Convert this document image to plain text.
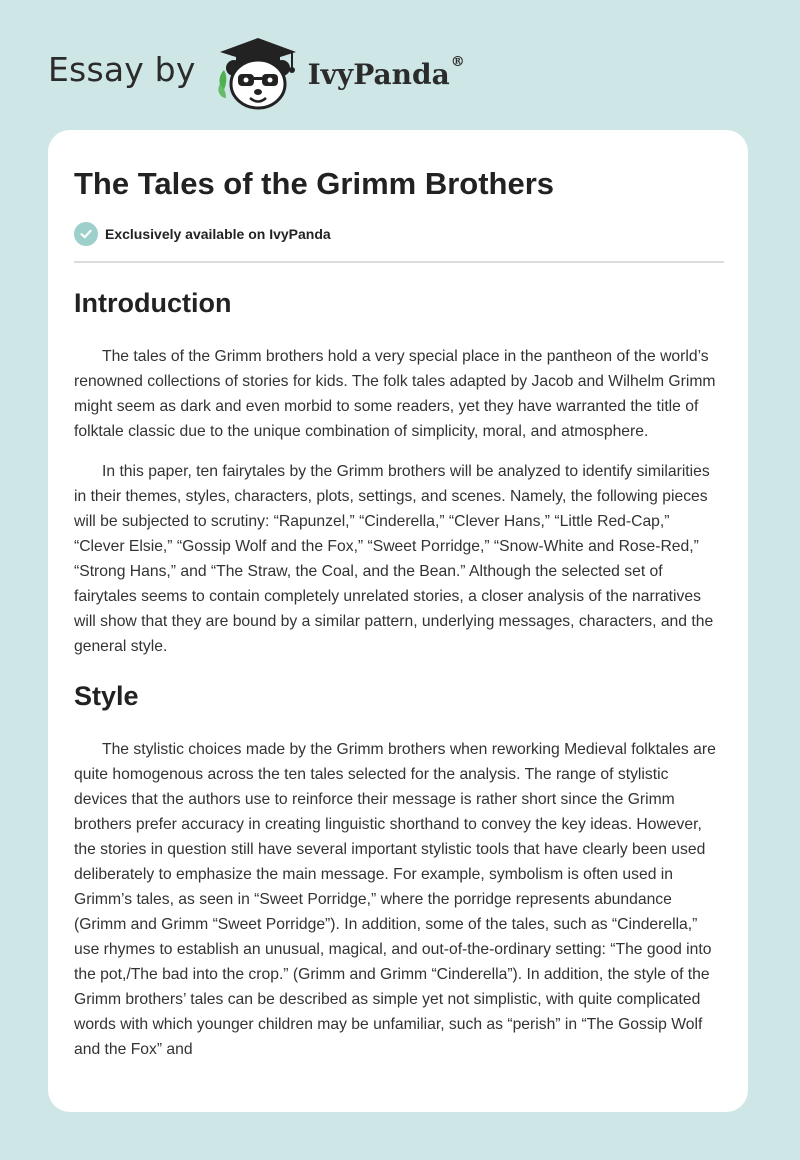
Essay by	IvyPanda®
The Tales of the Grimm Brothers
Exclusively available on IvyPanda
Introduction

The tales of the Grimm brothers hold a very special place in the pantheon of the world’s renowned collections of stories for kids. The folk tales adapted by Jacob and Wilhelm Grimm might seem as dark and even morbid to some readers, yet they have warranted the title of folktale classic due to the unique combination of simplicity, moral, and atmosphere.

In this paper, ten fairytales by the Grimm brothers will be analyzed to identify similarities in their themes, styles, characters, plots, settings, and scenes. Namely, the following pieces will be subjected to scrutiny: “Rapunzel,” “Cinderella,” “Clever Hans,” “Little Red-Cap,” “Clever Elsie,” “Gossip Wolf and the Fox,” “Sweet Porridge,” “Snow-White and Rose-Red,” “Strong Hans,” and “The Straw, the Coal, and the Bean.” Although the selected set of fairytales seems to contain completely unrelated stories, a closer analysis of the narratives will show that they are bound by a similar pattern, underlying messages, characters, and the general style.

Style

The stylistic choices made by the Grimm brothers when reworking Medieval folktales are quite homogenous across the ten tales selected for the analysis. The range of stylistic devices that the authors use to reinforce their message is rather short since the Grimm brothers prefer accuracy in creating linguistic shorthand to convey the key ideas. However, the stories in question still have several important stylistic tools that have clearly been used deliberately to emphasize the main message. For example, symbolism is often used in Grimm’s tales, as seen in “Sweet Porridge,” where the porridge represents abundance (Grimm and Grimm “Sweet Porridge”). In addition, some of the tales, such as “Cinderella,” use rhymes to establish an unusual, magical, and out-of-the-ordinary setting: “The good into the pot,/The bad into the crop.” (Grimm and Grimm “Cinderella”). In addition, the style of the Grimm brothers’ tales can be described as simple yet not simplistic, with quite complicated words with which younger children may be unfamiliar, such as “perish” in “The Gossip Wolf and the Fox” and
